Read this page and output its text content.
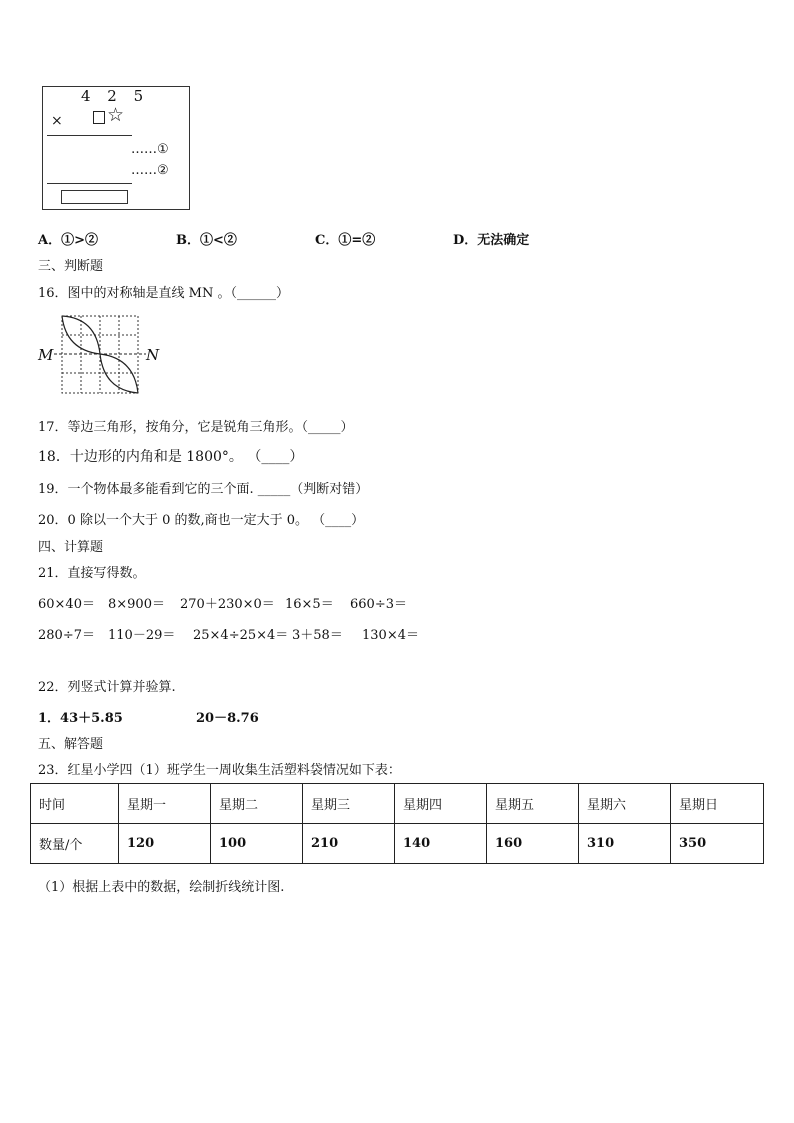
4 2 5
× ☆
……①
……②
A．①>②	B．①<②	C．①=②	D．无法确定
三、判断题
16．图中的对称轴是直线 MN 。（______）
M	N
17．等边三角形，按角分，它是锐角三角形。（_____）
18．十边形的内角和是 1800°。 （____）
19．一个物体最多能看到它的三个面. _____（判断对错）
20．0 除以一个大于 0 的数,商也一定大于 0。 （____）
四、计算题
21．直接写得数。
60×40＝ 8×900＝ 270＋230×0＝ 16×5＝ 660÷3＝
280÷7＝ 110－29＝ 25×4÷25×4＝ 3＋58＝ 130×4＝
22．列竖式计算并验算.
1．43＋5.85	20－8.76
五、解答题
23．红星小学四（1）班学生一周收集生活塑料袋情况如下表：
时间	星期一	星期二	星期三	星期四	星期五	星期六	星期日
数量/个	120	100	210	140	160	310	350
（1）根据上表中的数据，绘制折线统计图.
